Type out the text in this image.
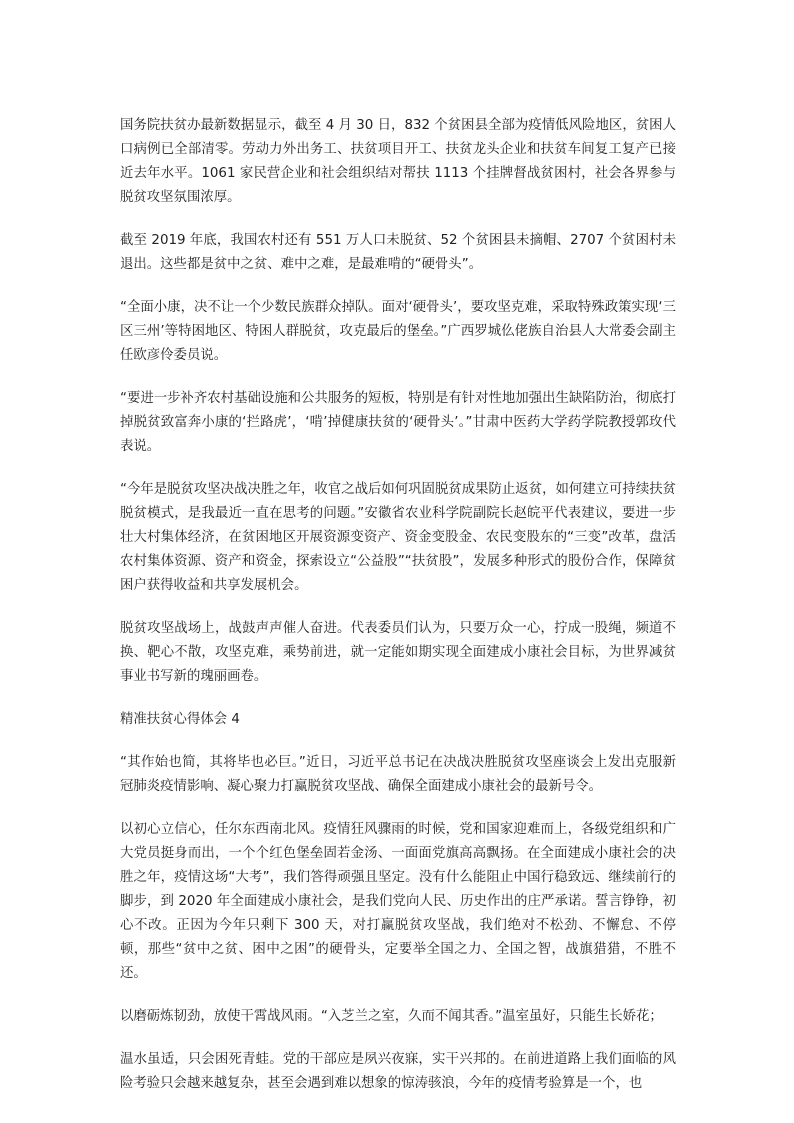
国务院扶贫办最新数据显示，截至 4 月 30 日，832 个贫困县全部为疫情低风险地区，贫困人口病例已全部清零。劳动力外出务工、扶贫项目开工、扶贫龙头企业和扶贫车间复工复产已接近去年水平。1061 家民营企业和社会组织结对帮扶 1113 个挂牌督战贫困村，社会各界参与脱贫攻坚氛围浓厚。

截至 2019 年底，我国农村还有 551 万人口未脱贫、52 个贫困县未摘帽、2707 个贫困村未退出。这些都是贫中之贫、难中之难，是最难啃的“硬骨头”。

“全面小康，决不让一个少数民族群众掉队。面对‘硬骨头’，要攻坚克难，采取特殊政策实现‘三区三州’等特困地区、特困人群脱贫，攻克最后的堡垒。”广西罗城仫佬族自治县人大常委会副主任欧彦伶委员说。

“要进一步补齐农村基础设施和公共服务的短板，特别是有针对性地加强出生缺陷防治，彻底打掉脱贫致富奔小康的‘拦路虎’，‘啃’掉健康扶贫的‘硬骨头’。”甘肃中医药大学药学院教授郭玫代表说。

“今年是脱贫攻坚决战决胜之年，收官之战后如何巩固脱贫成果防止返贫，如何建立可持续扶贫脱贫模式，是我最近一直在思考的问题。”安徽省农业科学院副院长赵皖平代表建议，要进一步壮大村集体经济，在贫困地区开展资源变资产、资金变股金、农民变股东的“三变”改革，盘活农村集体资源、资产和资金，探索设立“公益股”“扶贫股”，发展多种形式的股份合作，保障贫困户获得收益和共享发展机会。

脱贫攻坚战场上，战鼓声声催人奋进。代表委员们认为，只要万众一心，拧成一股绳，频道不换、靶心不散，攻坚克难，乘势前进，就一定能如期实现全面建成小康社会目标，为世界减贫事业书写新的瑰丽画卷。

精准扶贫心得体会 4

“其作始也简，其将毕也必巨。”近日，习近平总书记在决战决胜脱贫攻坚座谈会上发出克服新冠肺炎疫情影响、凝心聚力打赢脱贫攻坚战、确保全面建成小康社会的最新号令。

以初心立信心，任尔东西南北风。疫情狂风骤雨的时候，党和国家迎难而上，各级党组织和广大党员挺身而出，一个个红色堡垒固若金汤、一面面党旗高高飘扬。在全面建成小康社会的决胜之年，疫情这场“大考”，我们答得顽强且坚定。没有什么能阻止中国行稳致远、继续前行的脚步，到 2020 年全面建成小康社会，是我们党向人民、历史作出的庄严承诺。誓言铮铮，初心不改。正因为今年只剩下 300 天，对打赢脱贫攻坚战，我们绝对不松劲、不懈怠、不停顿，那些“贫中之贫、困中之困”的硬骨头，定要举全国之力、全国之智，战旗猎猎，不胜不还。

以磨砺炼韧劲，放使干霄战风雨。“入芝兰之室，久而不闻其香。”温室虽好，只能生长娇花；

温水虽适，只会困死青蛙。党的干部应是夙兴夜寐，实干兴邦的。在前进道路上我们面临的风险考验只会越来越复杂，甚至会遇到难以想象的惊涛骇浪，今年的疫情考验算是一个，也
